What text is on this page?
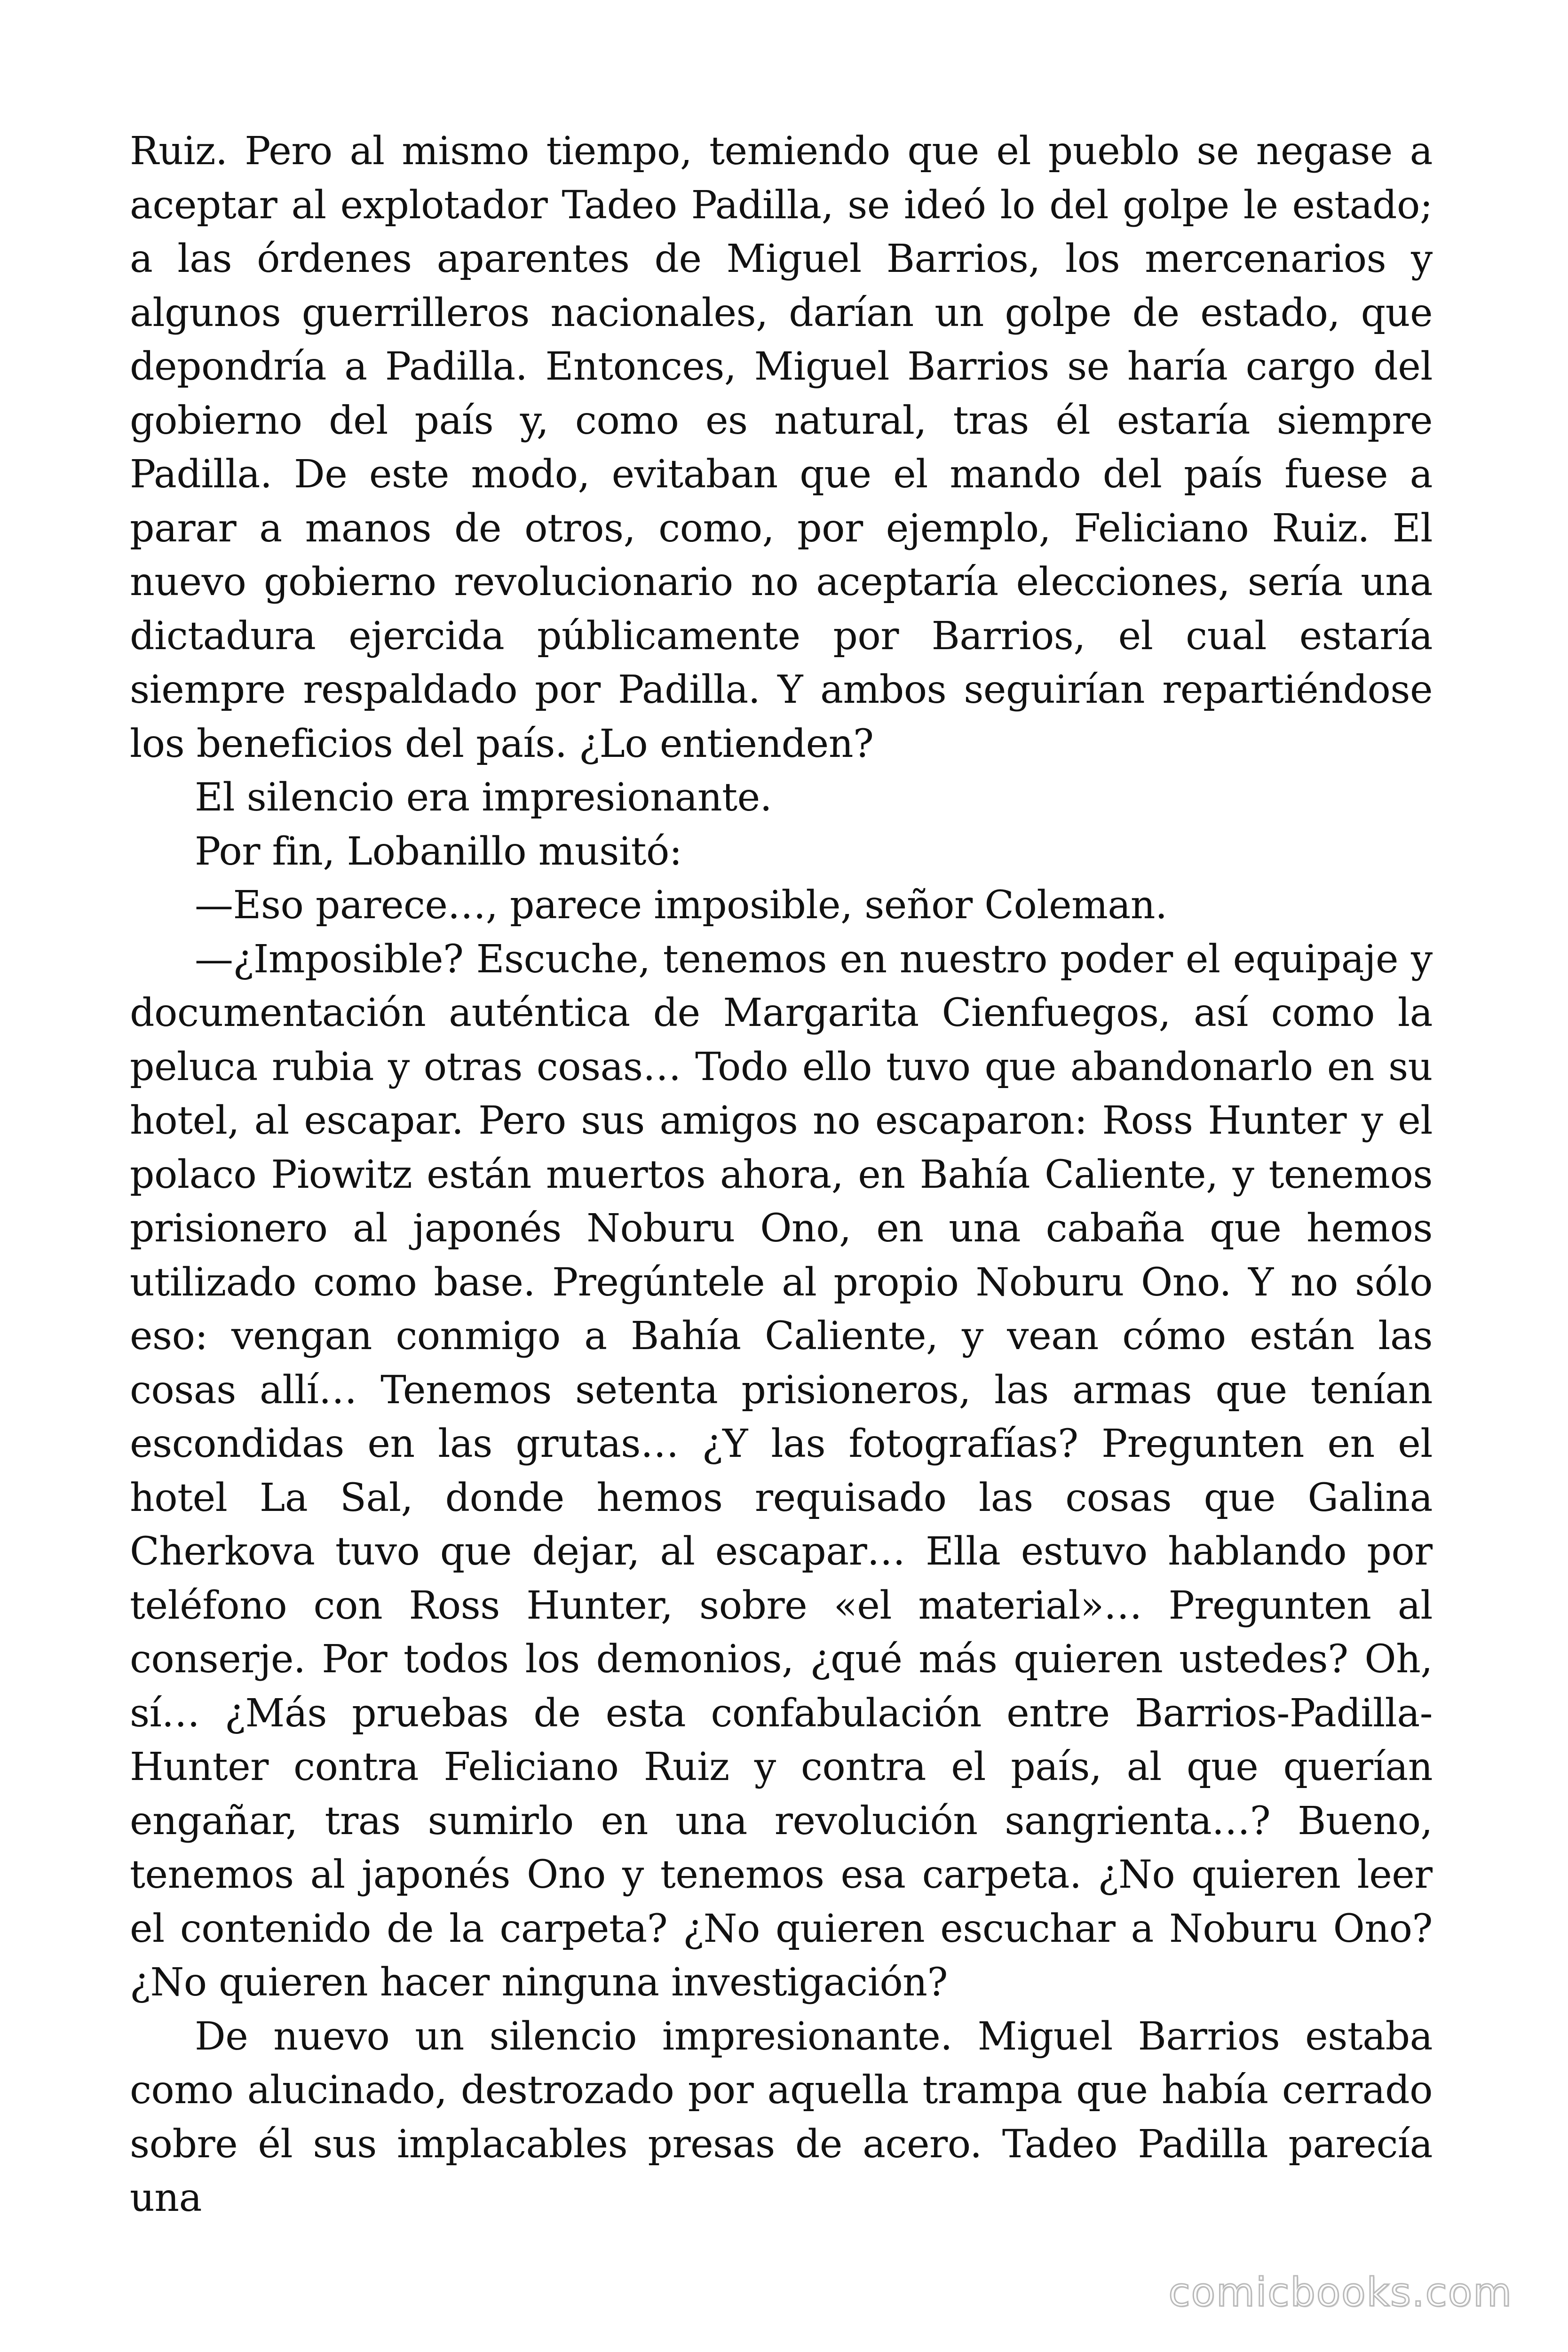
Ruiz. Pero al mismo tiempo, temiendo que el pueblo se negase a aceptar al explotador Tadeo Padilla, se ideó lo del golpe le estado; a las órdenes aparentes de Miguel Barrios, los mercenarios y algunos guerrilleros nacionales, darían un golpe de estado, que depondría a Padilla. Entonces, Miguel Barrios se haría cargo del gobierno del país y, como es natural, tras él estaría siempre Padilla. De este modo, evitaban que el mando del país fuese a parar a manos de otros, como, por ejemplo, Feliciano Ruiz. El nuevo gobierno revolucionario no aceptaría elecciones, sería una dictadura ejercida públicamente por Barrios, el cual estaría siempre respaldado por Padilla. Y ambos seguirían repartiéndose los beneficios del país. ¿Lo entienden?

El silencio era impresionante.

Por fin, Lobanillo musitó:

—Eso parece…, parece imposible, señor Coleman.

—¿Imposible? Escuche, tenemos en nuestro poder el equipaje y documentación auténtica de Margarita Cienfuegos, así como la peluca rubia y otras cosas… Todo ello tuvo que abandonarlo en su hotel, al escapar. Pero sus amigos no escaparon: Ross Hunter y el polaco Piowitz están muertos ahora, en Bahía Caliente, y tenemos prisionero al japonés Noburu Ono, en una cabaña que hemos utilizado como base. Pregúntele al propio Noburu Ono. Y no sólo eso: vengan conmigo a Bahía Caliente, y vean cómo están las cosas allí… Tenemos setenta prisioneros, las armas que tenían escondidas en las grutas… ¿Y las fotografías? Pregunten en el hotel La Sal, donde hemos requisado las cosas que Galina Cherkova tuvo que dejar, al escapar… Ella estuvo hablando por teléfono con Ross Hunter, sobre «el material»… Pregunten al conserje. Por todos los demonios, ¿qué más quieren ustedes? Oh, sí… ¿Más pruebas de esta confabulación entre Barrios-Padilla-Hunter contra Feliciano Ruiz y contra el país, al que querían engañar, tras sumirlo en una revolución sangrienta…? Bueno, tenemos al japonés Ono y tenemos esa carpeta. ¿No quieren leer el contenido de la carpeta? ¿No quieren escuchar a Noburu Ono? ¿No quieren hacer ninguna investigación?

De nuevo un silencio impresionante. Miguel Barrios estaba como alucinado, destrozado por aquella trampa que había cerrado sobre él sus implacables presas de acero. Tadeo Padilla parecía una

comicbooks.com
